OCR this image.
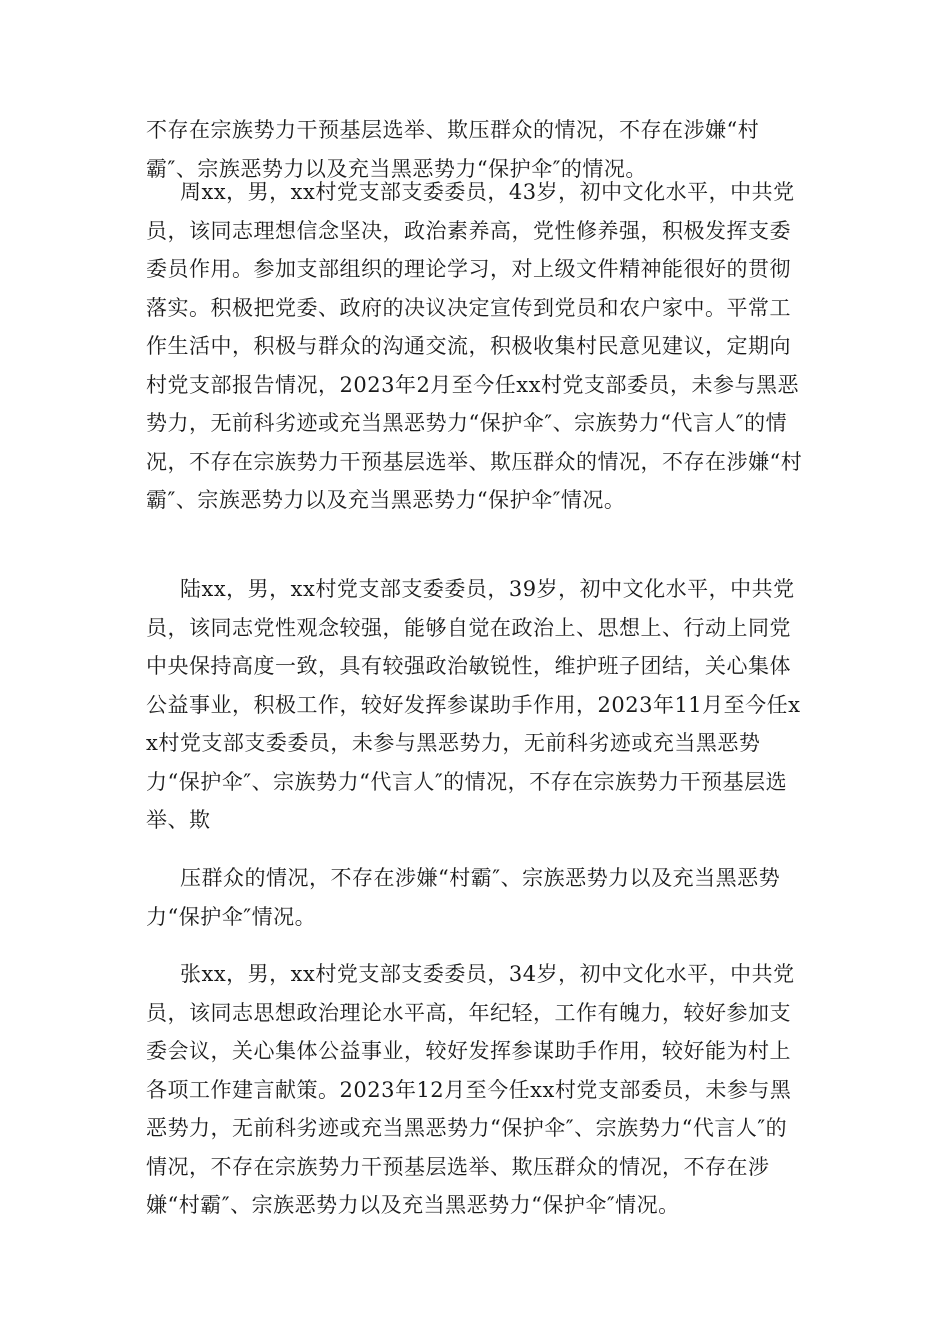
不存在宗族势力干预基层选举、欺压群众的情况，不存在涉嫌“村霸″、宗族恶势力以及充当黑恶势力“保护伞″的情况。

周xx，男，xx村党支部支委委员，43岁，初中文化水平，中共党员，该同志理想信念坚决，政治素养高，党性修养强，积极发挥支委委员作用。参加支部组织的理论学习，对上级文件精神能很好的贯彻落实。积极把党委、政府的决议决定宣传到党员和农户家中。平常工作生活中，积极与群众的沟通交流，积极收集村民意见建议，定期向村党支部报告情况，2023年2月至今任xx村党支部委员，未参与黑恶势力，无前科劣迹或充当黑恶势力“保护伞″、宗族势力“代言人″的情况，不存在宗族势力干预基层选举、欺压群众的情况，不存在涉嫌“村霸″、宗族恶势力以及充当黑恶势力“保护伞″情况。

陆xx，男，xx村党支部支委委员，39岁，初中文化水平，中共党员，该同志党性观念较强，能够自觉在政治上、思想上、行动上同党中央保持高度一致，具有较强政治敏锐性，维护班子团结，关心集体公益事业，积极工作，较好发挥参谋助手作用，2023年11月至今任xx村党支部支委委员，未参与黑恶势力，无前科劣迹或充当黑恶势力“保护伞″、宗族势力“代言人″的情况，不存在宗族势力干预基层选举、欺

压群众的情况，不存在涉嫌“村霸″、宗族恶势力以及充当黑恶势力“保护伞″情况。

张xx，男，xx村党支部支委委员，34岁，初中文化水平，中共党员，该同志思想政治理论水平高，年纪轻，工作有魄力，较好参加支委会议，关心集体公益事业，较好发挥参谋助手作用，较好能为村上各项工作建言献策。2023年12月至今任xx村党支部委员，未参与黑恶势力，无前科劣迹或充当黑恶势力“保护伞″、宗族势力“代言人″的情况，不存在宗族势力干预基层选举、欺压群众的情况，不存在涉嫌“村霸″、宗族恶势力以及充当黑恶势力“保护伞″情况。
